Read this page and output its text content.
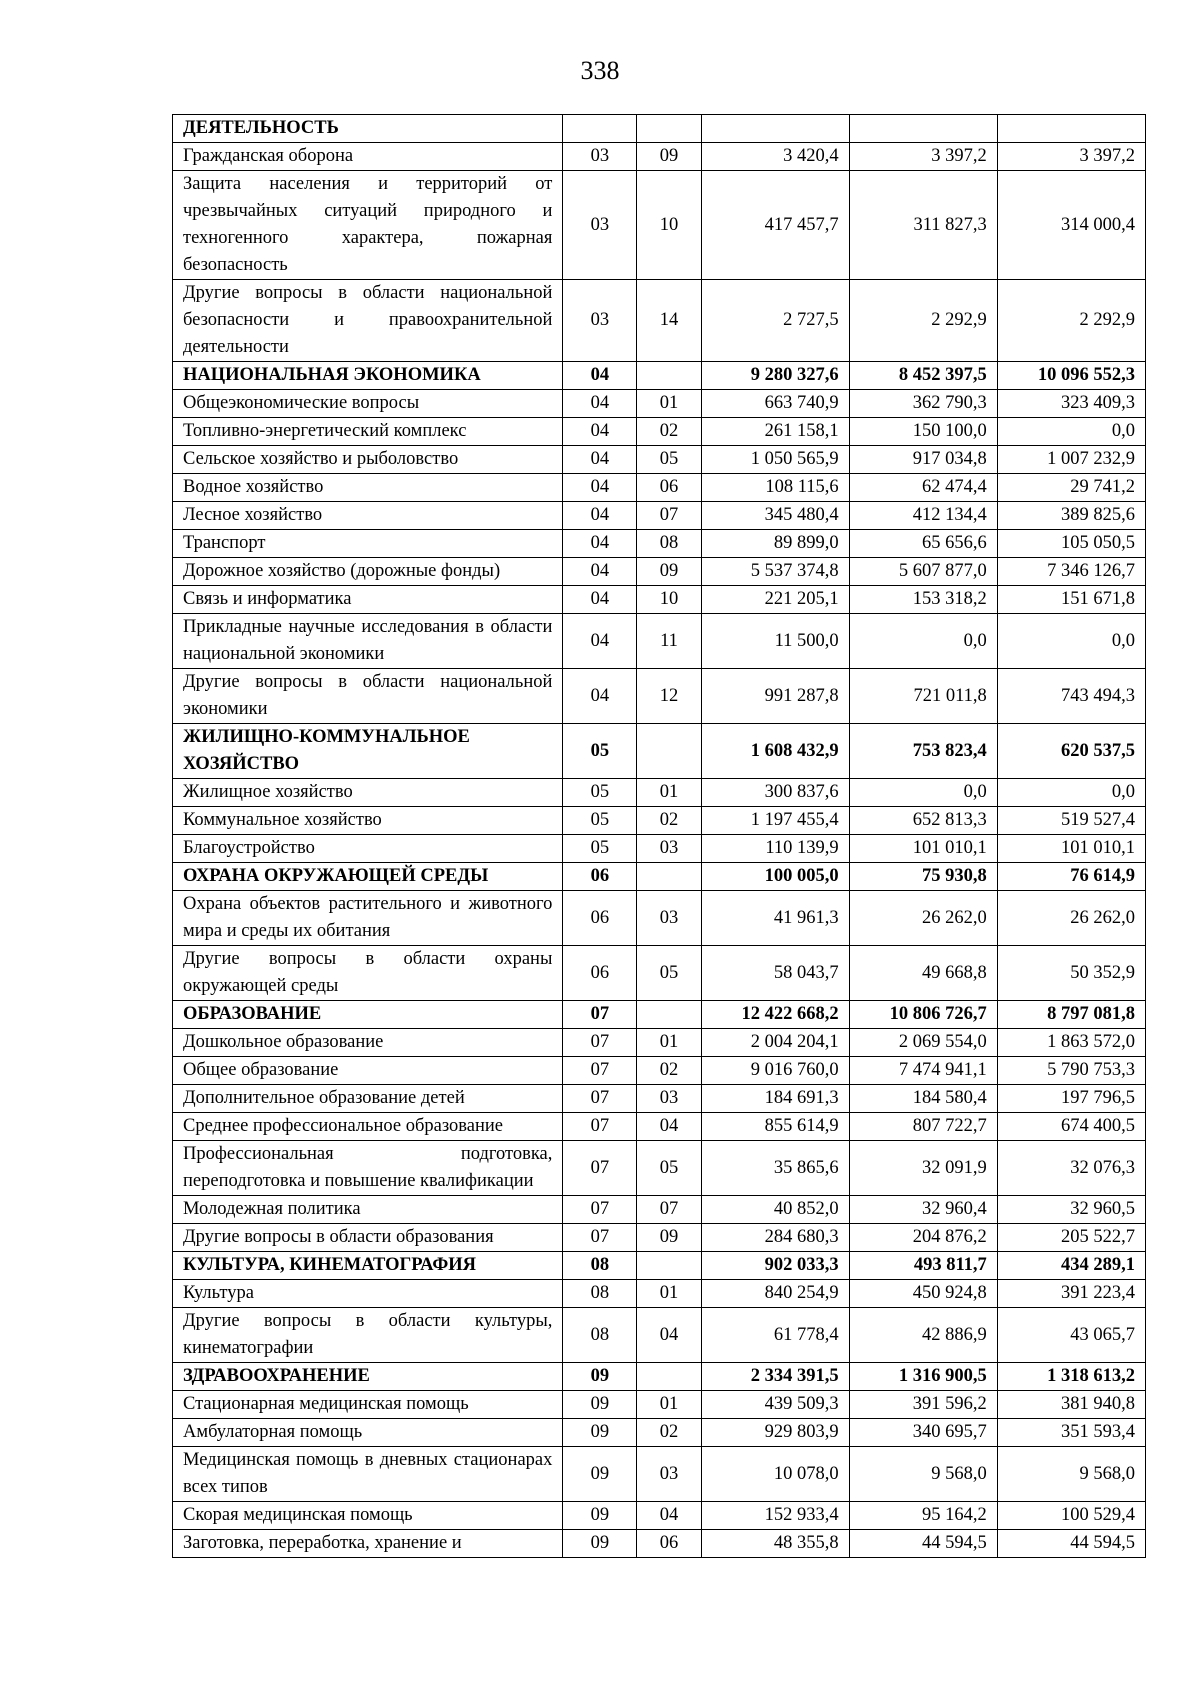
338
ДЕЯТЕЛЬНОСТЬ					
Гражданская оборона	03	09	3 420,4	3 397,2	3 397,2
Защита населения и территорий от чрезвычайных ситуаций природного и техногенного характера, пожарная безопасность	03	10	417 457,7	311 827,3	314 000,4
Другие вопросы в области национальной безопасности и правоохранительной деятельности	03	14	2 727,5	2 292,9	2 292,9
НАЦИОНАЛЬНАЯ ЭКОНОМИКА	04		9 280 327,6	8 452 397,5	10 096 552,3
Общеэкономические вопросы	04	01	663 740,9	362 790,3	323 409,3
Топливно-энергетический комплекс	04	02	261 158,1	150 100,0	0,0
Сельское хозяйство и рыболовство	04	05	1 050 565,9	917 034,8	1 007 232,9
Водное хозяйство	04	06	108 115,6	62 474,4	29 741,2
Лесное хозяйство	04	07	345 480,4	412 134,4	389 825,6
Транспорт	04	08	89 899,0	65 656,6	105 050,5
Дорожное хозяйство (дорожные фонды)	04	09	5 537 374,8	5 607 877,0	7 346 126,7
Связь и информатика	04	10	221 205,1	153 318,2	151 671,8
Прикладные научные исследования в области национальной экономики	04	11	11 500,0	0,0	0,0
Другие вопросы в области национальной экономики	04	12	991 287,8	721 011,8	743 494,3
ЖИЛИЩНО-КОММУНАЛЬНОЕ ХОЗЯЙСТВО	05		1 608 432,9	753 823,4	620 537,5
Жилищное хозяйство	05	01	300 837,6	0,0	0,0
Коммунальное хозяйство	05	02	1 197 455,4	652 813,3	519 527,4
Благоустройство	05	03	110 139,9	101 010,1	101 010,1
ОХРАНА ОКРУЖАЮЩЕЙ СРЕДЫ	06		100 005,0	75 930,8	76 614,9
Охрана объектов растительного и животного мира и среды их обитания	06	03	41 961,3	26 262,0	26 262,0
Другие вопросы в области охраны окружающей среды	06	05	58 043,7	49 668,8	50 352,9
ОБРАЗОВАНИЕ	07		12 422 668,2	10 806 726,7	8 797 081,8
Дошкольное образование	07	01	2 004 204,1	2 069 554,0	1 863 572,0
Общее образование	07	02	9 016 760,0	7 474 941,1	5 790 753,3
Дополнительное образование детей	07	03	184 691,3	184 580,4	197 796,5
Среднее профессиональное образование	07	04	855 614,9	807 722,7	674 400,5
Профессиональная подготовка, переподготовка и повышение квалификации	07	05	35 865,6	32 091,9	32 076,3
Молодежная политика	07	07	40 852,0	32 960,4	32 960,5
Другие вопросы в области образования	07	09	284 680,3	204 876,2	205 522,7
КУЛЬТУРА, КИНЕМАТОГРАФИЯ	08		902 033,3	493 811,7	434 289,1
Культура	08	01	840 254,9	450 924,8	391 223,4
Другие вопросы в области культуры, кинематографии	08	04	61 778,4	42 886,9	43 065,7
ЗДРАВООХРАНЕНИЕ	09		2 334 391,5	1 316 900,5	1 318 613,2
Стационарная медицинская помощь	09	01	439 509,3	391 596,2	381 940,8
Амбулаторная помощь	09	02	929 803,9	340 695,7	351 593,4
Медицинская помощь в дневных стационарах всех типов	09	03	10 078,0	9 568,0	9 568,0
Скорая медицинская помощь	09	04	152 933,4	95 164,2	100 529,4
Заготовка, переработка, хранение и	09	06	48 355,8	44 594,5	44 594,5
